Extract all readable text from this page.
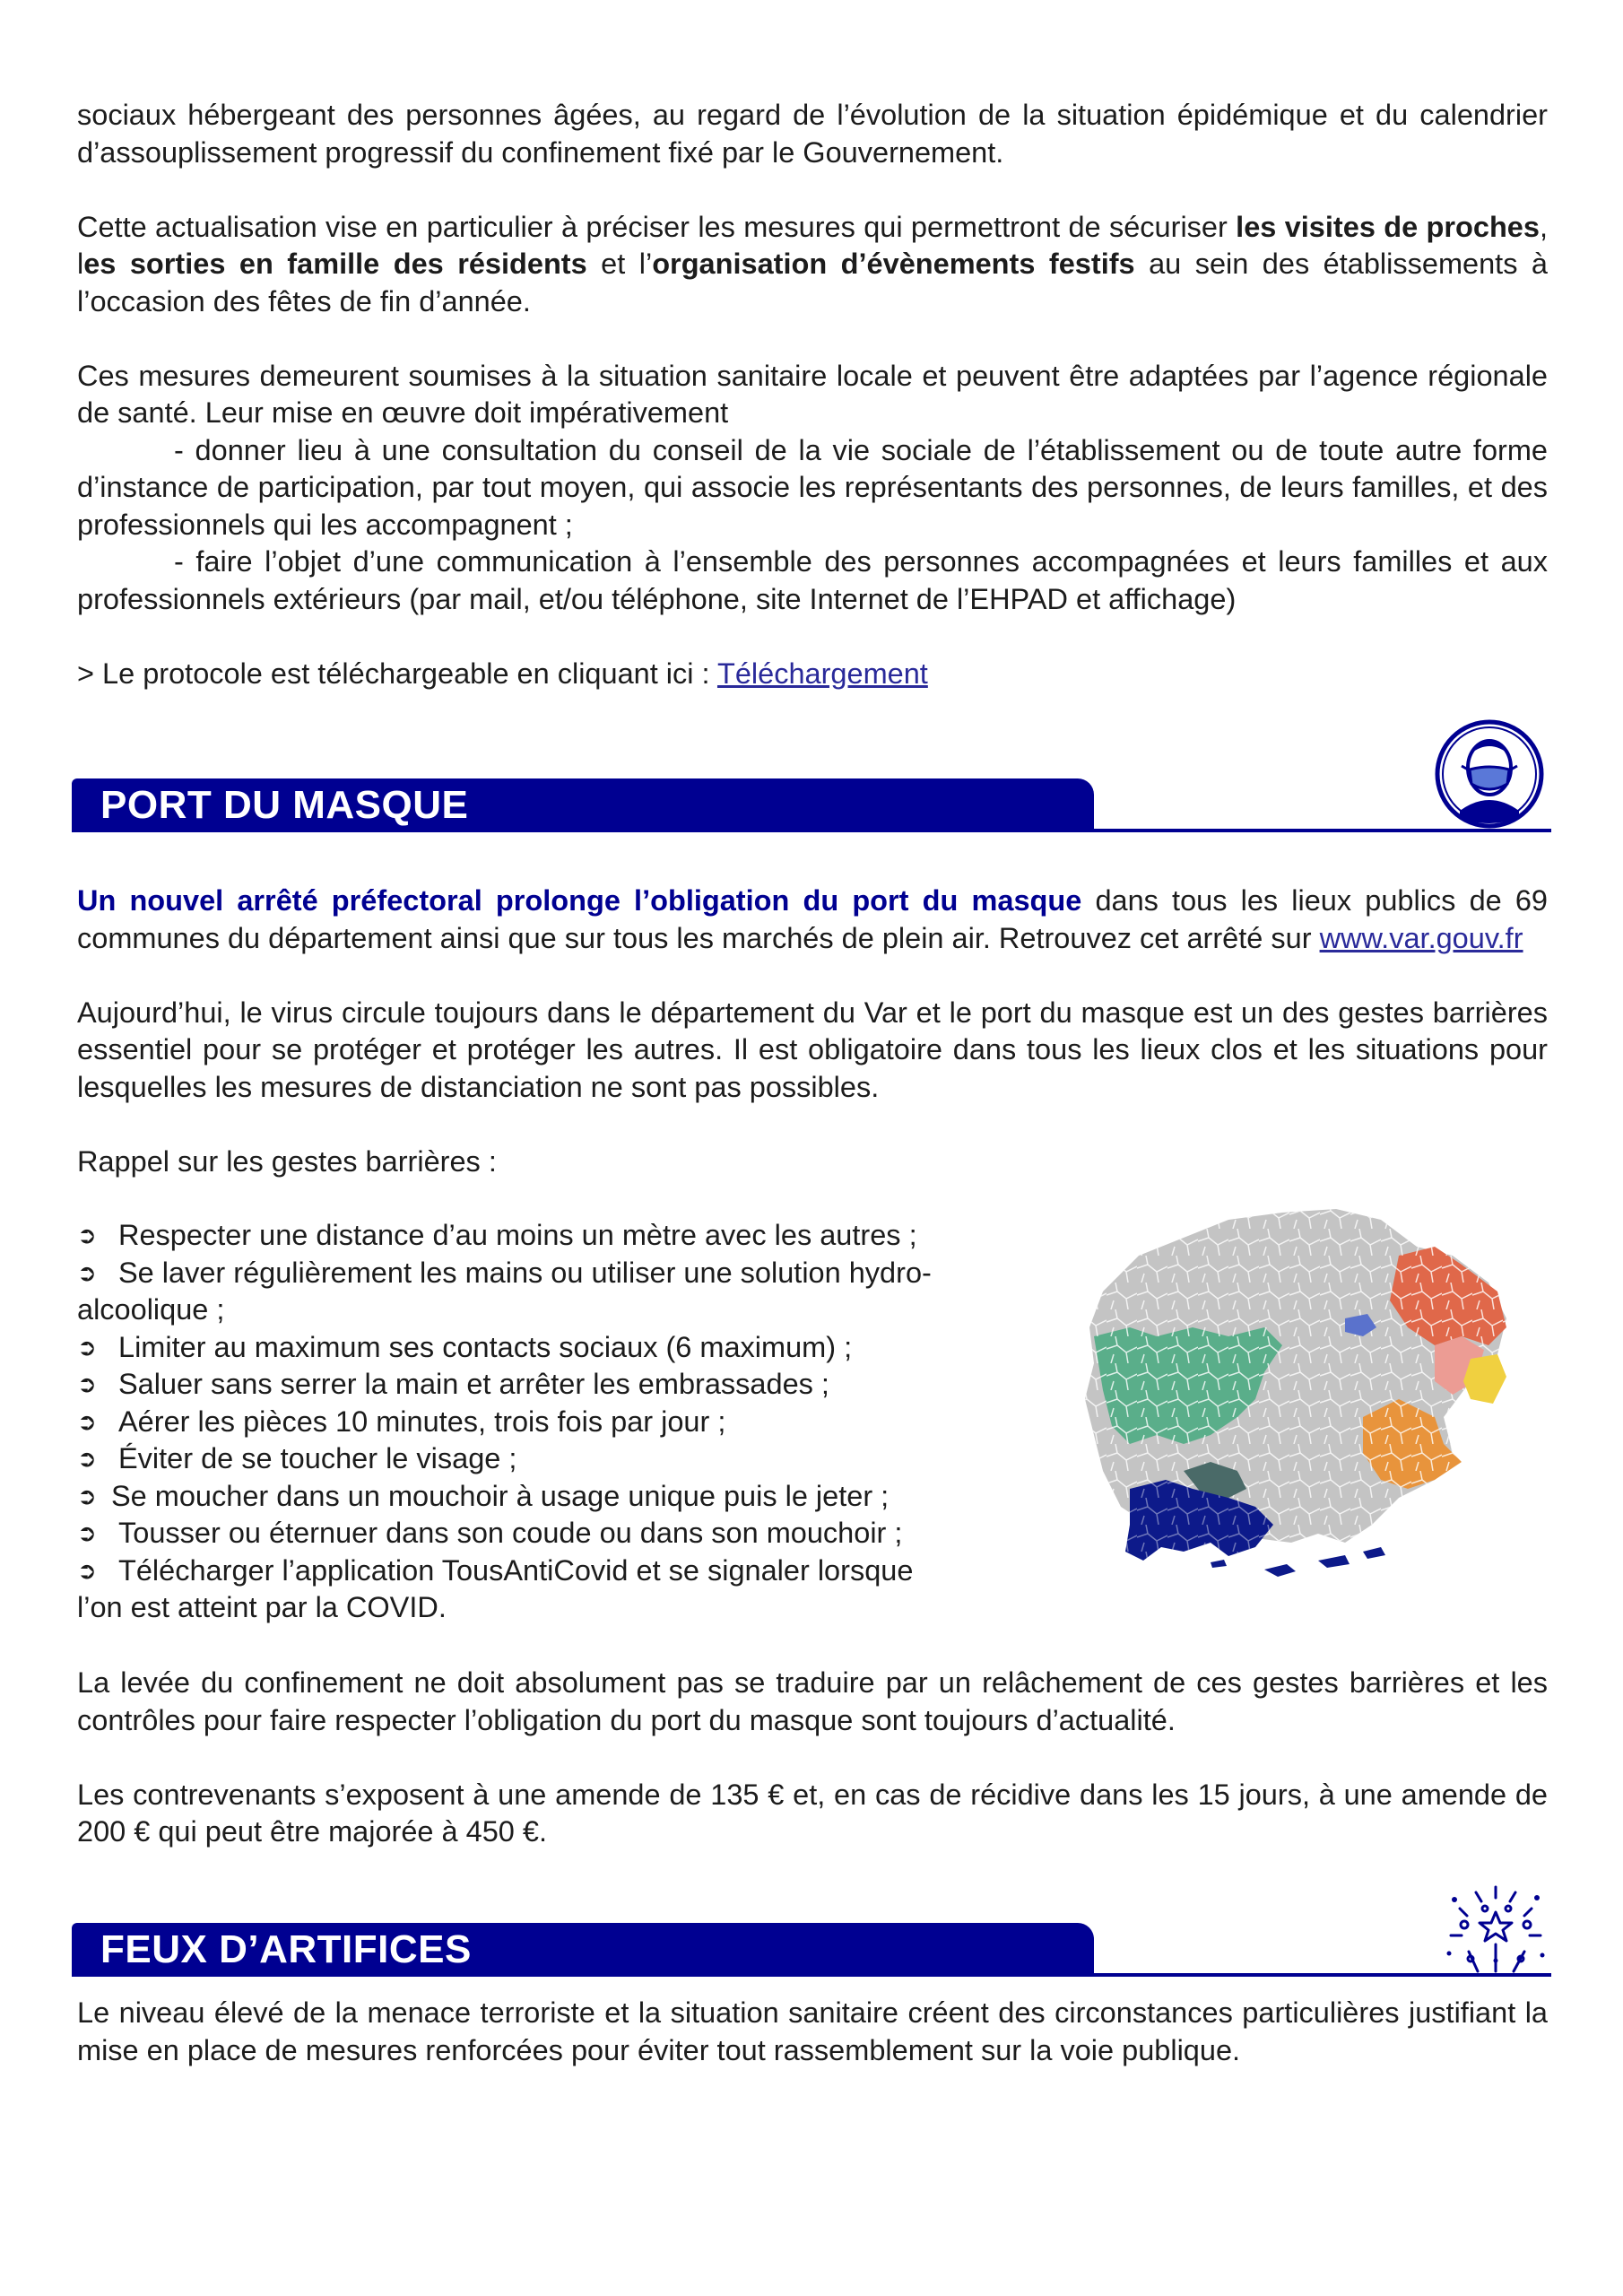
sociaux hébergeant des personnes âgées, au regard de l’évolution de la situation épidémique et du calendrier d’assouplissement progressif du confinement fixé par le Gouvernement.

Cette actualisation vise en particulier à préciser les mesures qui permettront de sécuriser les visites de proches, les sorties en famille des résidents et l’organisation d’évènements festifs au sein des établissements à l’occasion des fêtes de fin d’année.

Ces mesures demeurent soumises à la situation sanitaire locale et peuvent être adaptées par l’agence régionale de santé. Leur mise en œuvre doit impérativement

- donner lieu à une consultation du conseil de la vie sociale de l’établissement ou de toute autre forme d’instance de participation, par tout moyen, qui associe les représentants des personnes, de leurs familles, et des professionnels qui les accompagnent ;

- faire l’objet d’une communication à l’ensemble des personnes accompagnées et leurs familles et aux professionnels extérieurs (par mail, et/ou téléphone, site Internet de l’EHPAD et affichage)

> Le protocole est téléchargeable en cliquant ici : Téléchargement

PORT DU MASQUE

Un nouvel arrêté préfectoral prolonge l’obligation du port du masque dans tous les lieux publics de 69 communes du département ainsi que sur tous les marchés de plein air. Retrouvez cet arrêté sur www.var.gouv.fr

Aujourd’hui, le virus circule toujours dans le département du Var et le port du masque est un des gestes barrières essentiel pour se protéger et protéger les autres. Il est obligatoire dans tous les lieux clos et les situations pour lesquelles les mesures de distanciation ne sont pas possibles.

Rappel sur les gestes barrières :

➲ Respecter une distance d’au moins un mètre avec les autres ;

➲ Se laver régulièrement les mains ou utiliser une solution hydro-

alcoolique ;

➲ Limiter au maximum ses contacts sociaux (6 maximum) ;

➲ Saluer sans serrer la main et arrêter les embrassades ;

➲ Aérer les pièces 10 minutes, trois fois par jour ;

➲ Éviter de se toucher le visage ;

➲ Se moucher dans un mouchoir à usage unique puis le jeter ;

➲ Tousser ou éternuer dans son coude ou dans son mouchoir ;

➲ Télécharger l’application TousAntiCovid et se signaler lorsque

l’on est atteint par la COVID.

La levée du confinement ne doit absolument pas se traduire par un relâchement de ces gestes barrières et les contrôles pour faire respecter l’obligation du port du masque sont toujours d’actualité.

Les contrevenants s’exposent à une amende de 135 € et, en cas de récidive dans les 15 jours, à une amende de 200 € qui peut être majorée à 450 €.

FEUX D’ARTIFICES

Le niveau élevé de la menace terroriste et la situation sanitaire créent des circonstances particulières justifiant la mise en place de mesures renforcées pour éviter tout rassemblement sur la voie publique.
